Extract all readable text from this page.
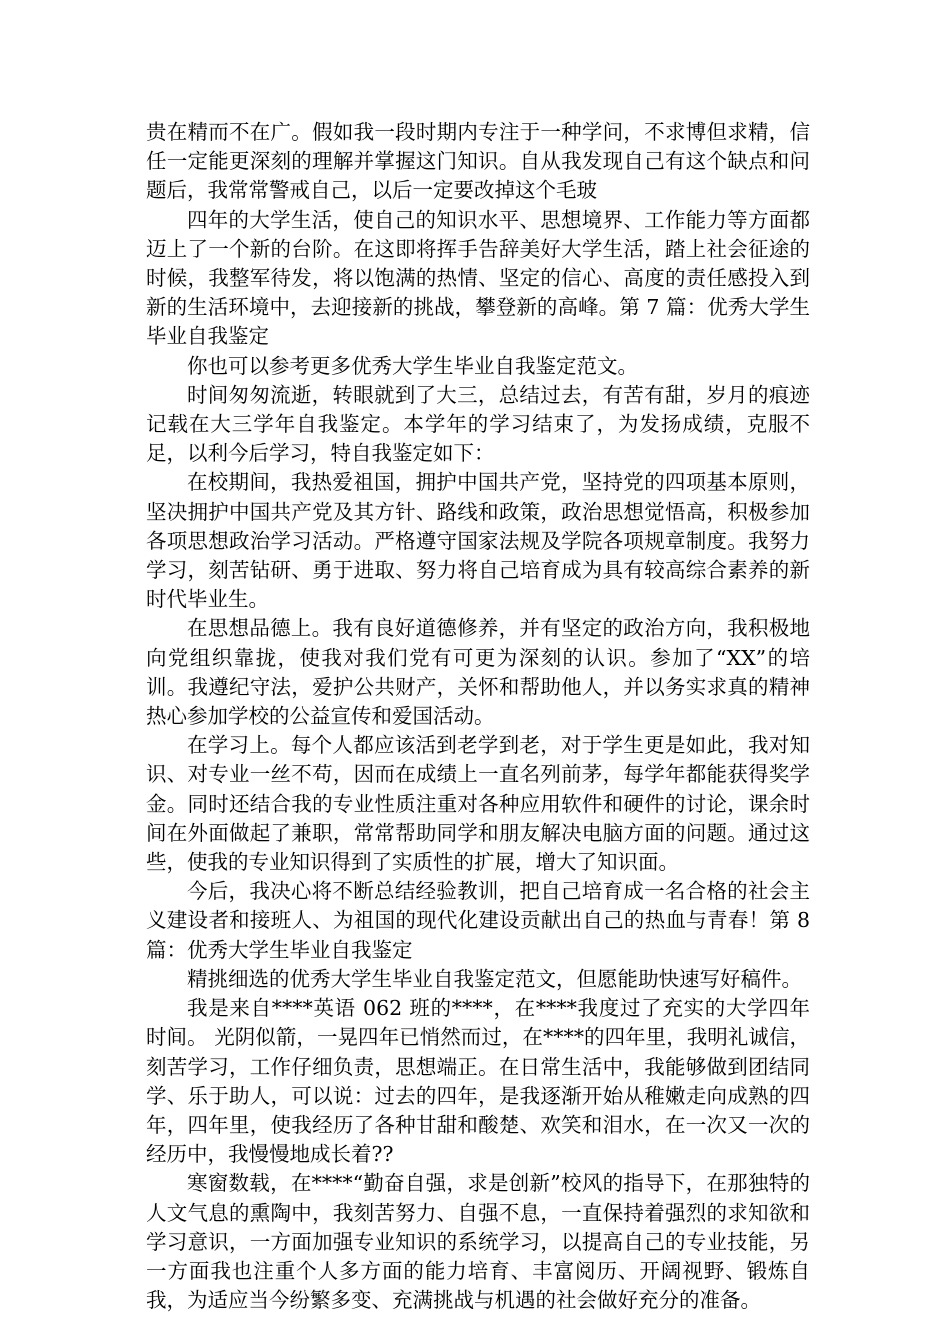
贵在精而不在广。假如我一段时期内专注于一种学问，不求博但求精，信任一定能更深刻的理解并掌握这门知识。自从我发现自己有这个缺点和问题后，我常常警戒自己，以后一定要改掉这个毛玻

四年的大学生活，使自己的知识水平、思想境界、工作能力等方面都迈上了一个新的台阶。在这即将挥手告辞美好大学生活，踏上社会征途的时候，我整军待发，将以饱满的热情、坚定的信心、高度的责任感投入到新的生活环境中，去迎接新的挑战，攀登新的高峰。第 7 篇：优秀大学生毕业自我鉴定

你也可以参考更多优秀大学生毕业自我鉴定范文。

时间匆匆流逝，转眼就到了大三，总结过去，有苦有甜，岁月的痕迹记载在大三学年自我鉴定。本学年的学习结束了，为发扬成绩，克服不足，以利今后学习，特自我鉴定如下：

在校期间，我热爱祖国，拥护中国共产党，坚持党的四项基本原则，坚决拥护中国共产党及其方针、路线和政策，政治思想觉悟高，积极参加各项思想政治学习活动。严格遵守国家法规及学院各项规章制度。我努力学习，刻苦钻研、勇于进取、努力将自己培育成为具有较高综合素养的新时代毕业生。

在思想品德上。我有良好道德修养，并有坚定的政治方向，我积极地向党组织靠拢，使我对我们党有可更为深刻的认识。参加了“XX”的培训。我遵纪守法，爱护公共财产，关怀和帮助他人，并以务实求真的精神热心参加学校的公益宣传和爱国活动。

在学习上。每个人都应该活到老学到老，对于学生更是如此，我对知识、对专业一丝不苟，因而在成绩上一直名列前茅，每学年都能获得奖学金。同时还结合我的专业性质注重对各种应用软件和硬件的讨论，课余时间在外面做起了兼职，常常帮助同学和朋友解决电脑方面的问题。通过这些，使我的专业知识得到了实质性的扩展，增大了知识面。

今后，我决心将不断总结经验教训，把自己培育成一名合格的社会主义建设者和接班人、为祖国的现代化建设贡献出自己的热血与青春！第 8 篇：优秀大学生毕业自我鉴定

精挑细选的优秀大学生毕业自我鉴定范文，但愿能助快速写好稿件。

我是来自****英语 062 班的****，在****我度过了充实的大学四年时间。 光阴似箭，一晃四年已悄然而过，在****的四年里，我明礼诚信，刻苦学习，工作仔细负责，思想端正。在日常生活中，我能够做到团结同学、乐于助人，可以说：过去的四年，是我逐渐开始从稚嫩走向成熟的四年，四年里，使我经历了各种甘甜和酸楚、欢笑和泪水，在一次又一次的经历中，我慢慢地成长着??

寒窗数载，在****“勤奋自强，求是创新”校风的指导下，在那独特的人文气息的熏陶中，我刻苦努力、自强不息，一直保持着强烈的求知欲和学习意识，一方面加强专业知识的系统学习，以提高自己的专业技能，另一方面我也注重个人多方面的能力培育、丰富阅历、开阔视野、锻炼自我，为适应当今纷繁多变、充满挑战与机遇的社会做好充分的准备。
